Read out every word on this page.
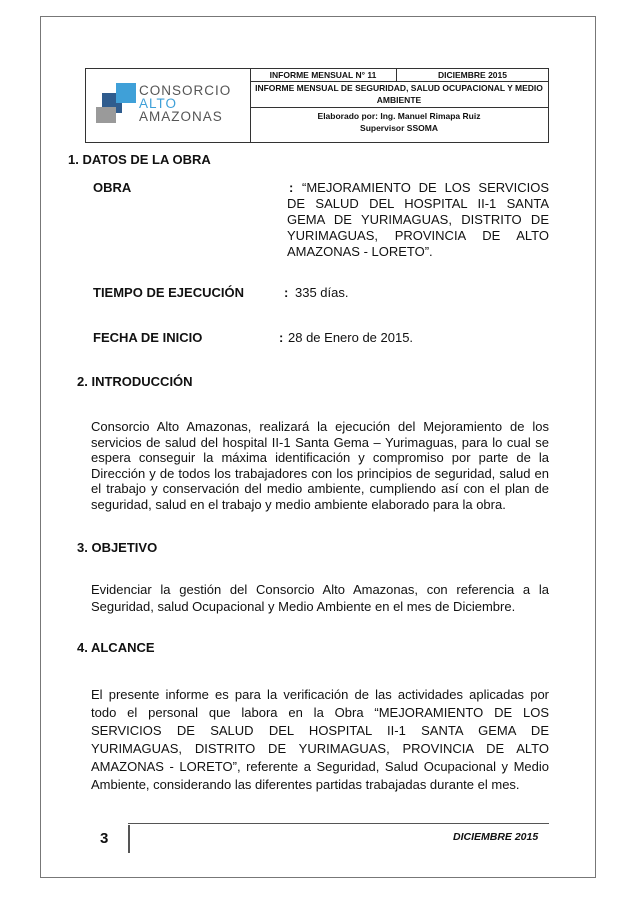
CONSORCIO
ALTO
AMAZONAS
INFORME MENSUAL N° 11	DICIEMBRE 2015
INFORME MENSUAL DE SEGURIDAD, SALUD OCUPACIONAL Y MEDIO AMBIENTE
Elaborado por: Ing. Manuel Rimapa Ruiz
Supervisor SSOMA
1. DATOS DE LA OBRA
OBRA	: “MEJORAMIENTO DE LOS SERVICIOS DE SALUD DEL HOSPITAL II-1 SANTA GEMA DE YURIMAGUAS, DISTRITO DE YURIMAGUAS, PROVINCIA DE ALTO AMAZONAS - LORETO”.
TIEMPO DE EJECUCIÓN	: 335 días.
FECHA DE INICIO	: 28 de Enero de 2015.
2. INTRODUCCIÓN
Consorcio Alto Amazonas, realizará la ejecución del Mejoramiento de los servicios de salud del hospital II-1 Santa Gema – Yurimaguas, para lo cual se espera conseguir la máxima identificación y compromiso por parte de la Dirección y de todos los trabajadores con los principios de seguridad, salud en el trabajo y conservación del medio ambiente, cumpliendo así con el plan de seguridad, salud en el trabajo y medio ambiente elaborado para la obra.
3. OBJETIVO
Evidenciar la gestión del Consorcio Alto Amazonas, con referencia a la Seguridad, salud Ocupacional y Medio Ambiente en el mes de Diciembre.
4. ALCANCE
El presente informe es para la verificación de las actividades aplicadas por todo el personal que labora en la Obra “MEJORAMIENTO DE LOS SERVICIOS DE SALUD DEL HOSPITAL II-1 SANTA GEMA DE YURIMAGUAS, DISTRITO DE YURIMAGUAS, PROVINCIA DE ALTO AMAZONAS - LORETO”, referente a Seguridad, Salud Ocupacional y Medio Ambiente, considerando las diferentes partidas trabajadas durante el mes.
3	DICIEMBRE 2015
